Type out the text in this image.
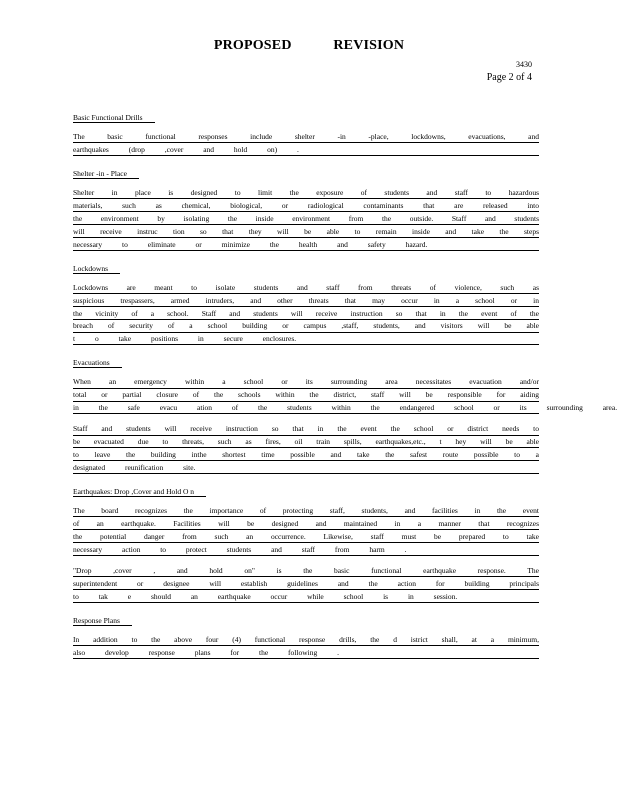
PROPOSED	REVISION
3430
Page 2 of 4
Basic Functional Drills
The basic functional responses include shelter -in -place, lockdowns, evacuations, and
earthquakes (drop ,cover and hold on) .
Shelter -in - Place
Shelter in place is designed to limit the exposure of students and staff to hazardous
materials, such as chemical, biological, or radiological contaminants that are released into
the environment by isolating the inside environment from the outside. Staff and students
will receive instruc tion so that they will be able to remain inside and take the steps
necessary to eliminate or minimize the health and safety hazard.
Lockdowns
Lockdowns are meant to isolate students and staff from threats of violence, such as
suspicious trespassers, armed intruders, and other threats that may occur in a school or in
the vicinity of a school. Staff and students will receive instruction so that in the event of the
breach of security of a school building or campus ,staff, students, and visitors will be able
t o take positions in secure enclosures.
Evacuations
When an emergency within a school or its surrounding area necessitates evacuation and/or
total or partial closure of the schools within the district, staff will be responsible for aiding
in the safe evacu ation of the students within the endangered school or its surrounding area.
Staff and students will receive instruction so that in the event the school or district needs to
be evacuated due to threats, such as fires, oil train spills, earthquakes,etc., t hey will be able
to leave the building inthe shortest time possible and take the safest route possible to a
designated reunification site.
Earthquakes: Drop ,Cover and Hold O n
The board recognizes the importance of protecting staff, students, and facilities in the event
of an earthquake. Facilities will be designed and maintained in a manner that recognizes
the potential danger from such an occurrence. Likewise, staff must be prepared to take
necessary action to protect students and staff from harm .
"Drop ,cover , and hold on" is the basic functional earthquake response. The
superintendent or designee will establish guidelines and the action for building principals
to tak e should an earthquake occur while school is in session.
Response Plans
In addition to the above four (4) functional response drills, the d istrict shall, at a minimum,
also develop response plans for the following .
